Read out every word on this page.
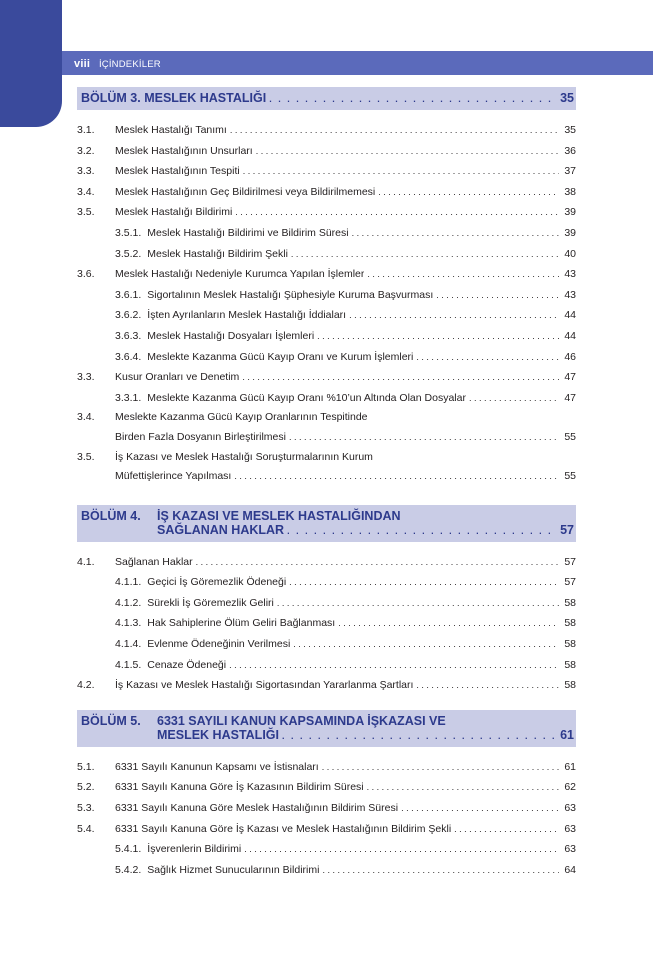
viii İÇİNDEKİLER
BÖLÜM 3. MESLEK HASTALIĞI . . .	35
3.1.	Meslek Hastalığı Tanımı . . .	35
3.2.	Meslek Hastalığının Unsurları . . .	36
3.3.	Meslek Hastalığının Tespiti . . .	37
3.4.	Meslek Hastalığının Geç Bildirilmesi veya Bildirilmemesi . . .	38
3.5.	Meslek Hastalığı Bildirimi . . .	39
3.5.1. Meslek Hastalığı Bildirimi ve Bildirim Süresi . . .	39
3.5.2. Meslek Hastalığı Bildirim Şekli . . .	40
3.6.	Meslek Hastalığı Nedeniyle Kurumca Yapılan İşlemler . . .	43
3.6.1. Sigortalının Meslek Hastalığı Şüphesiyle Kuruma Başvurması . . .	43
3.6.2. İşten Ayrılanların Meslek Hastalığı İddiaları . . .	44
3.6.3. Meslek Hastalığı Dosyaları İşlemleri . . .	44
3.6.4. Meslekte Kazanma Gücü Kayıp Oranı ve Kurum İşlemleri . . .	46
3.3.	Kusur Oranları ve Denetim . . .	47
3.3.1. Meslekte Kazanma Gücü Kayıp Oranı %10’un Altında Olan Dosyalar . . .	47
3.4.	Meslekte Kazanma Gücü Kayıp Oranlarının Tespitinde
Birden Fazla Dosyanın Birleştirilmesi . . .	55
3.5.	İş Kazası ve Meslek Hastalığı Soruşturmalarının Kurum
Müfettişlerince Yapılması . . .	55
BÖLÜM 4.	İŞ KAZASI VE MESLEK HASTALIĞINDAN
SAĞLANAN HAKLAR . . .	57
4.1.	Sağlanan Haklar . . .	57
4.1.1. Geçici İş Göremezlik Ödeneği . . .	57
4.1.2. Sürekli İş Göremezlik Geliri . . .	58
4.1.3. Hak Sahiplerine Ölüm Geliri Bağlanması . . .	58
4.1.4. Evlenme Ödeneğinin Verilmesi . . .	58
4.1.5. Cenaze Ödeneği . . .	58
4.2.	İş Kazası ve Meslek Hastalığı Sigortasından Yararlanma Şartları . . .	58
BÖLÜM 5.	6331 SAYILI KANUN KAPSAMINDA İŞKAZASI VE
MESLEK HASTALIĞI . . .	61
5.1.	6331 Sayılı Kanunun Kapsamı ve İstisnaları . . .	61
5.2.	6331 Sayılı Kanuna Göre İş Kazasının Bildirim Süresi . . .	62
5.3.	6331 Sayılı Kanuna Göre Meslek Hastalığının Bildirim Süresi . . .	63
5.4.	6331 Sayılı Kanuna Göre İş Kazası ve Meslek Hastalığının Bildirim Şekli . . .	63
5.4.1. İşverenlerin Bildirimi . . .	63
5.4.2. Sağlık Hizmet Sunucularının Bildirimi . . .	64
